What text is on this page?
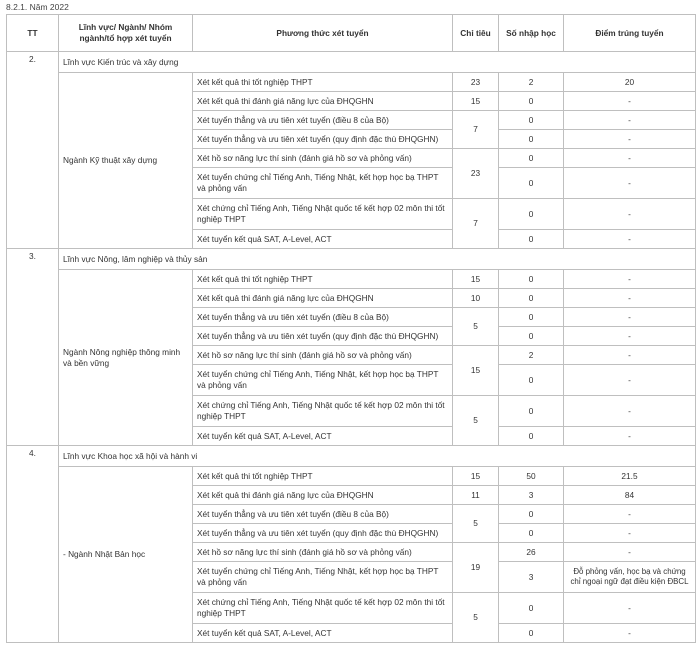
8.2.1. Năm 2022
TT	Lĩnh vực/ Ngành/ Nhóm ngành/tổ hợp xét tuyển	Phương thức xét tuyển	Chỉ tiêu	Số nhập học	Điểm trúng tuyển
2.	Lĩnh vực Kiến trúc và xây dựng				
	Ngành Kỹ thuật xây dựng	Xét kết quả thi tốt nghiệp THPT	23	2	20
		Xét kết quả thi đánh giá năng lực của ĐHQGHN	15	0	-
		Xét tuyển thẳng và ưu tiên xét tuyển (điều 8 của Bộ)	7	0	-
		Xét tuyển thẳng và ưu tiên xét tuyển (quy định đặc thù ĐHQGHN)		0	-
		Xét hồ sơ năng lực thí sinh (đánh giá hồ sơ và phỏng vấn)	23	0	-
		Xét tuyển chứng chỉ Tiếng Anh, Tiếng Nhật, kết hợp học bạ THPT và phỏng vấn		0	-
		Xét chứng chỉ Tiếng Anh, Tiếng Nhật quốc tế kết hợp 02 môn thi tốt nghiệp THPT	7	0	-
		Xét tuyển kết quả SAT, A-Level, ACT		0	-
3.	Lĩnh vực Nông, lâm nghiệp và thủy sản				
	Ngành Nông nghiệp thông minh và bền vững	Xét kết quả thi tốt nghiệp THPT	15	0	-
		Xét kết quả thi đánh giá năng lực của ĐHQGHN	10	0	-
		Xét tuyển thẳng và ưu tiên xét tuyển (điều 8 của Bộ)	5	0	-
		Xét tuyển thẳng và ưu tiên xét tuyển (quy định đặc thù ĐHQGHN)		0	-
		Xét hồ sơ năng lực thí sinh (đánh giá hồ sơ và phỏng vấn)	15	2	-
		Xét tuyển chứng chỉ Tiếng Anh, Tiếng Nhật, kết hợp học bạ THPT và phỏng vấn		0	-
		Xét chứng chỉ Tiếng Anh, Tiếng Nhật quốc tế kết hợp 02 môn thi tốt nghiệp THPT	5	0	-
		Xét tuyển kết quả SAT, A-Level, ACT		0	-
4.	Lĩnh vực Khoa học xã hội và hành vi				
	- Ngành Nhật Bản học	Xét kết quả thi tốt nghiệp THPT	15	50	21.5
		Xét kết quả thi đánh giá năng lực của ĐHQGHN	11	3	84
		Xét tuyển thẳng và ưu tiên xét tuyển (điều 8 của Bộ)	5	0	-
		Xét tuyển thẳng và ưu tiên xét tuyển (quy định đặc thù ĐHQGHN)		0	-
		Xét hồ sơ năng lực thí sinh (đánh giá hồ sơ và phỏng vấn)	19	26	-
		Xét tuyển chứng chỉ Tiếng Anh, Tiếng Nhật, kết hợp học bạ THPT và phỏng vấn		3	Đỗ phỏng vấn, học bạ và chứng chỉ ngoại ngữ đạt điều kiện ĐBCL
		Xét chứng chỉ Tiếng Anh, Tiếng Nhật quốc tế kết hợp 02 môn thi tốt nghiệp THPT	5	0	-
		Xét tuyển kết quả SAT, A-Level, ACT		0	-
